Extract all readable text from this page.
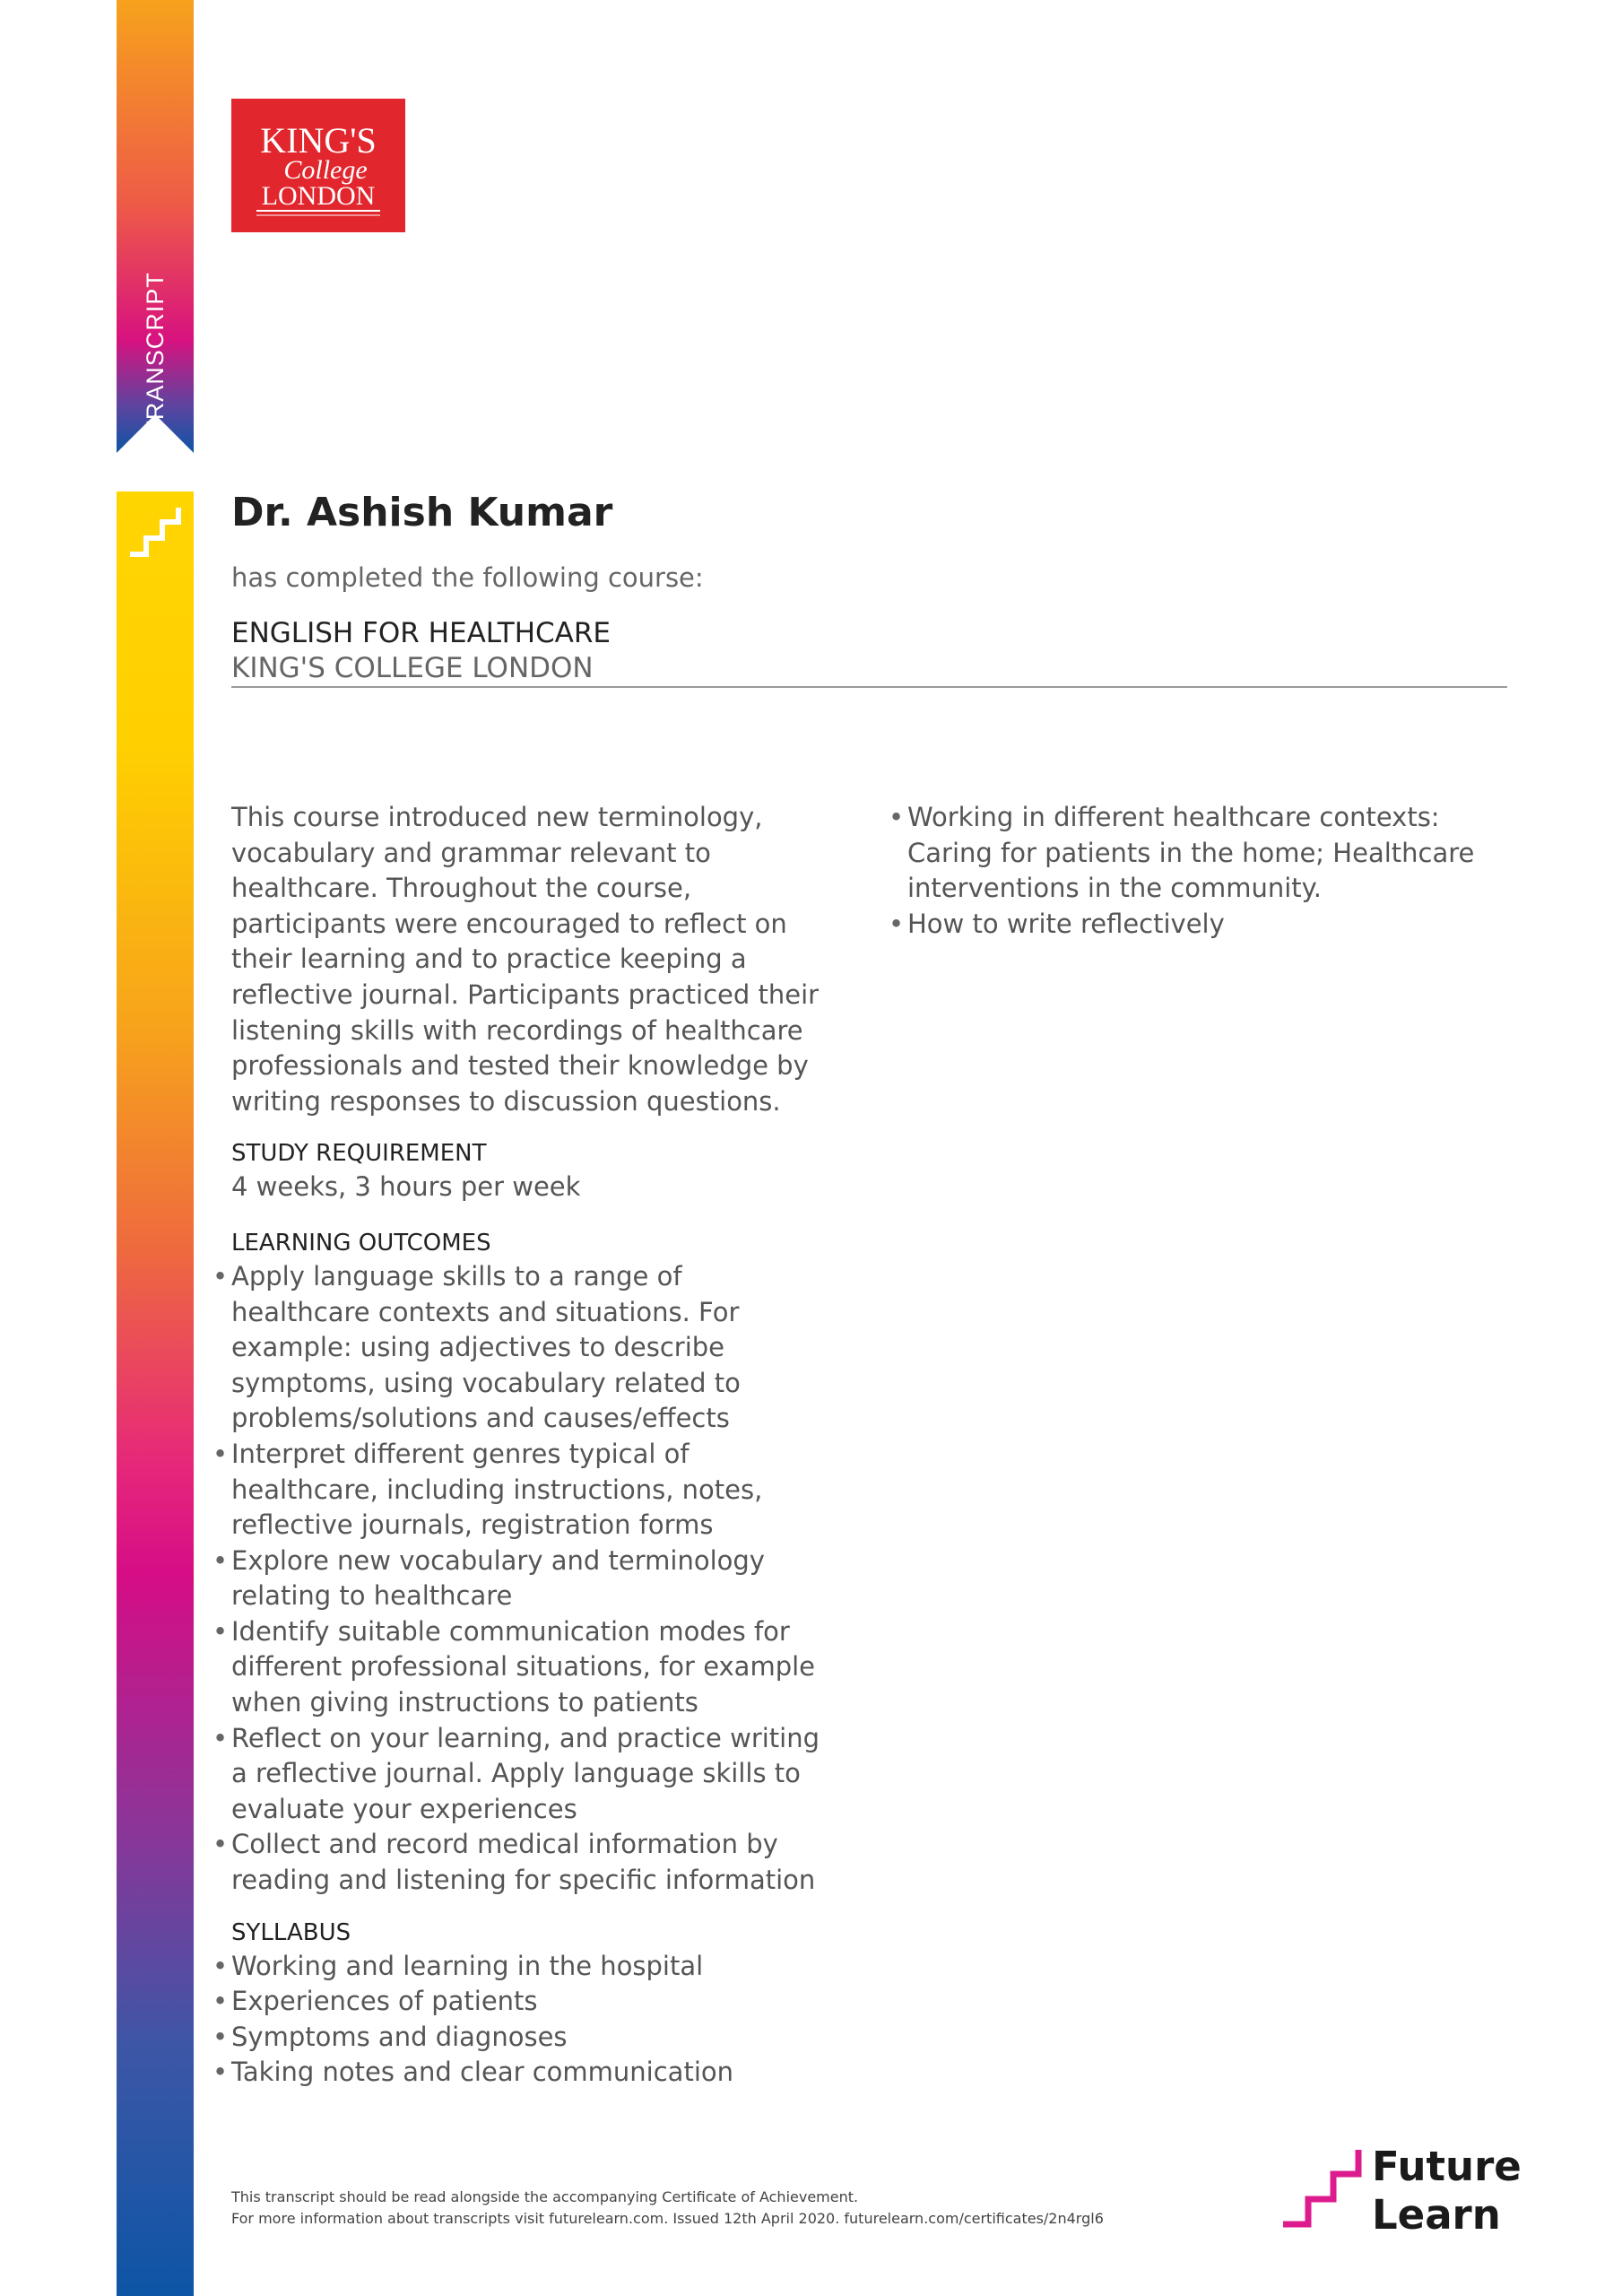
TRANSCRIPT
KING'S
College
LONDON
Dr. Ashish Kumar
has completed the following course:
ENGLISH FOR HEALTHCARE
KING'S COLLEGE LONDON

This course introduced new terminology, vocabulary and grammar relevant to healthcare. Throughout the course, participants were encouraged to reflect on their learning and to practice keeping a reflective journal. Participants practiced their listening skills with recordings of healthcare professionals and tested their knowledge by writing responses to discussion questions.

STUDY REQUIREMENT

4 weeks, 3 hours per week

LEARNING OUTCOMES
• Apply language skills to a range of healthcare contexts and situations. For example: using adjectives to describe symptoms, using vocabulary related to problems/solutions and causes/effects
• Interpret different genres typical of healthcare, including instructions, notes, reflective journals, registration forms
• Explore new vocabulary and terminology relating to healthcare
• Identify suitable communication modes for different professional situations, for example when giving instructions to patients
• Reflect on your learning, and practice writing a reflective journal. Apply language skills to evaluate your experiences
• Collect and record medical information by reading and listening for specific information
SYLLABUS
• Working and learning in the hospital
• Experiences of patients
• Symptoms and diagnoses
• Taking notes and clear communication
• Working in different healthcare contexts: Caring for patients in the home; Healthcare interventions in the community.
• How to write reflectively
This transcript should be read alongside the accompanying Certificate of Achievement.
For more information about transcripts visit futurelearn.com. Issued 12th April 2020. futurelearn.com/certificates/2n4rgl6
Future
Learn
